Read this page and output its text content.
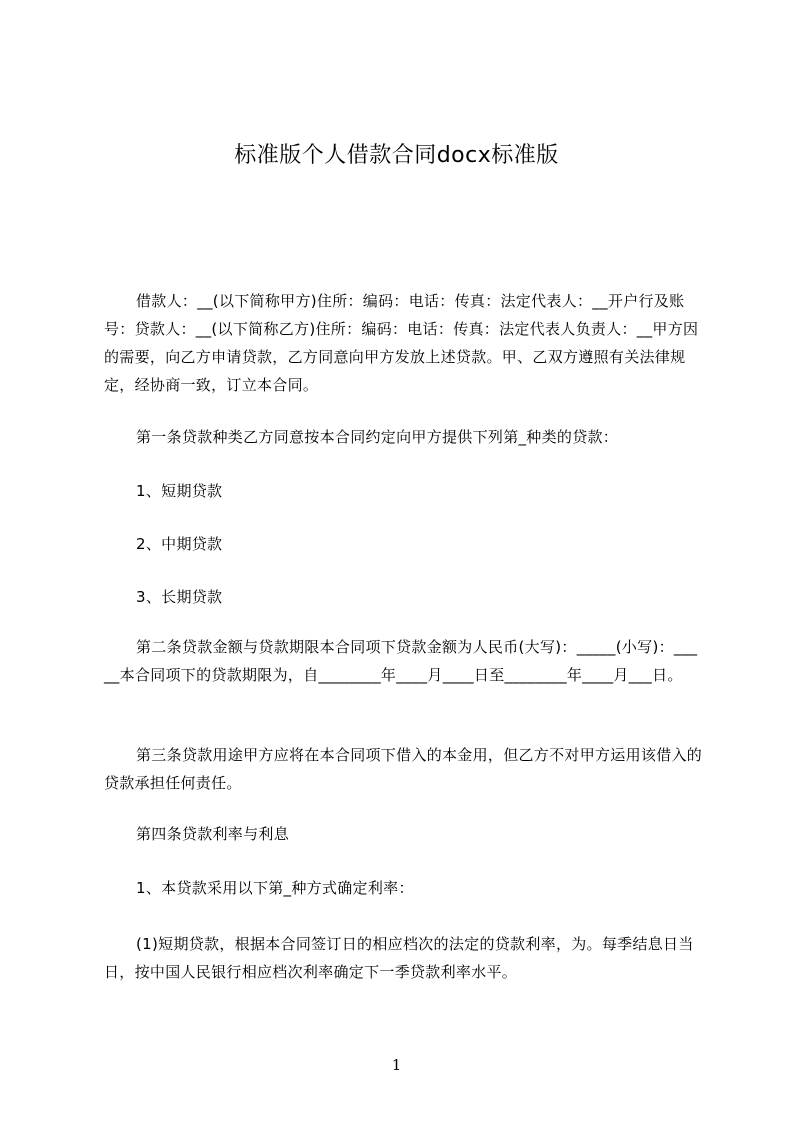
标准版个人借款合同docx标准版

借款人：__(以下简称甲方)住所：编码：电话：传真：法定代表人：__开户行及账号：贷款人：__(以下简称乙方)住所：编码：电话：传真：法定代表人负责人：__甲方因的需要，向乙方申请贷款，乙方同意向甲方发放上述贷款。甲、乙双方遵照有关法律规定，经协商一致，订立本合同。

第一条贷款种类乙方同意按本合同约定向甲方提供下列第_种类的贷款：

1、短期贷款

2、中期贷款

3、长期贷款

第二条贷款金额与贷款期限本合同项下贷款金额为人民币(大写)：_____(小写)：_____本合同项下的贷款期限为，自________年____月____日至________年____月___日。

第三条贷款用途甲方应将在本合同项下借入的本金用，但乙方不对甲方运用该借入的贷款承担任何责任。

第四条贷款利率与利息

1、本贷款采用以下第_种方式确定利率：

(1)短期贷款，根据本合同签订日的相应档次的法定的贷款利率，为。每季结息日当日，按中国人民银行相应档次利率确定下一季贷款利率水平。

1
